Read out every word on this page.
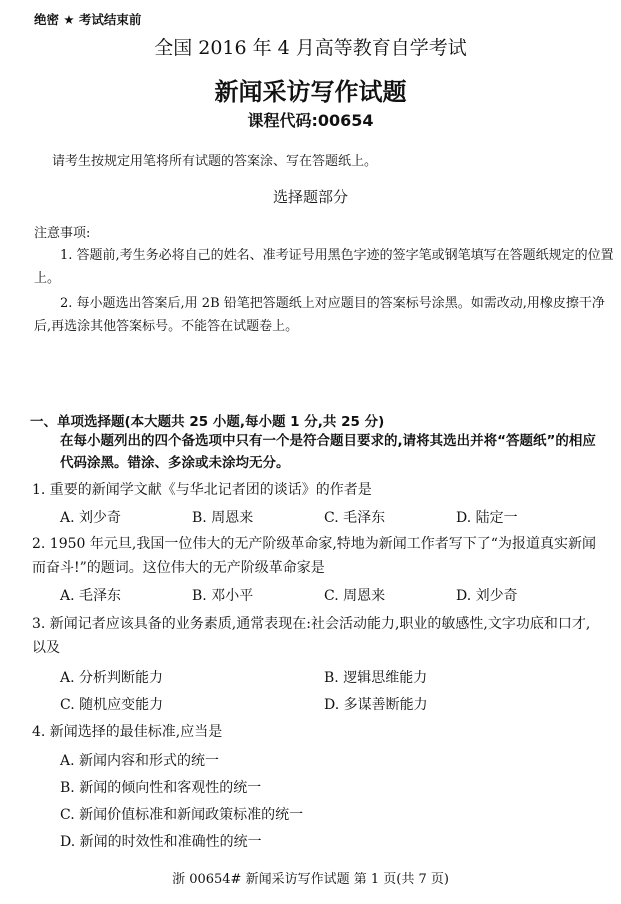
绝密 ★ 考试结束前
全国 2016 年 4 月高等教育自学考试
新闻采访写作试题
课程代码:00654
请考生按规定用笔将所有试题的答案涂、写在答题纸上。
选择题部分
注意事项:
1. 答题前,考生务必将自己的姓名、准考证号用黑色字迹的签字笔或钢笔填写在答题纸规定的位置上。
2. 每小题选出答案后,用 2B 铅笔把答题纸上对应题目的答案标号涂黑。如需改动,用橡皮擦干净后,再选涂其他答案标号。不能答在试题卷上。
一、单项选择题(本大题共 25 小题,每小题 1 分,共 25 分)
在每小题列出的四个备选项中只有一个是符合题目要求的,请将其选出并将“答题纸”的相应代码涂黑。错涂、多涂或未涂均无分。
1. 重要的新闻学文献《与华北记者团的谈话》的作者是
A. 刘少奇	B. 周恩来	C. 毛泽东	D. 陆定一
2. 1950 年元旦,我国一位伟大的无产阶级革命家,特地为新闻工作者写下了“为报道真实新闻而奋斗!”的题词。这位伟大的无产阶级革命家是
A. 毛泽东	B. 邓小平	C. 周恩来	D. 刘少奇
3. 新闻记者应该具备的业务素质,通常表现在:社会活动能力,职业的敏感性,文字功底和口才,以及
A. 分析判断能力	B. 逻辑思维能力
C. 随机应变能力	D. 多谋善断能力
4. 新闻选择的最佳标准,应当是
A. 新闻内容和形式的统一
B. 新闻的倾向性和客观性的统一
C. 新闻价值标准和新闻政策标准的统一
D. 新闻的时效性和准确性的统一
浙 00654# 新闻采访写作试题 第 1 页(共 7 页)
